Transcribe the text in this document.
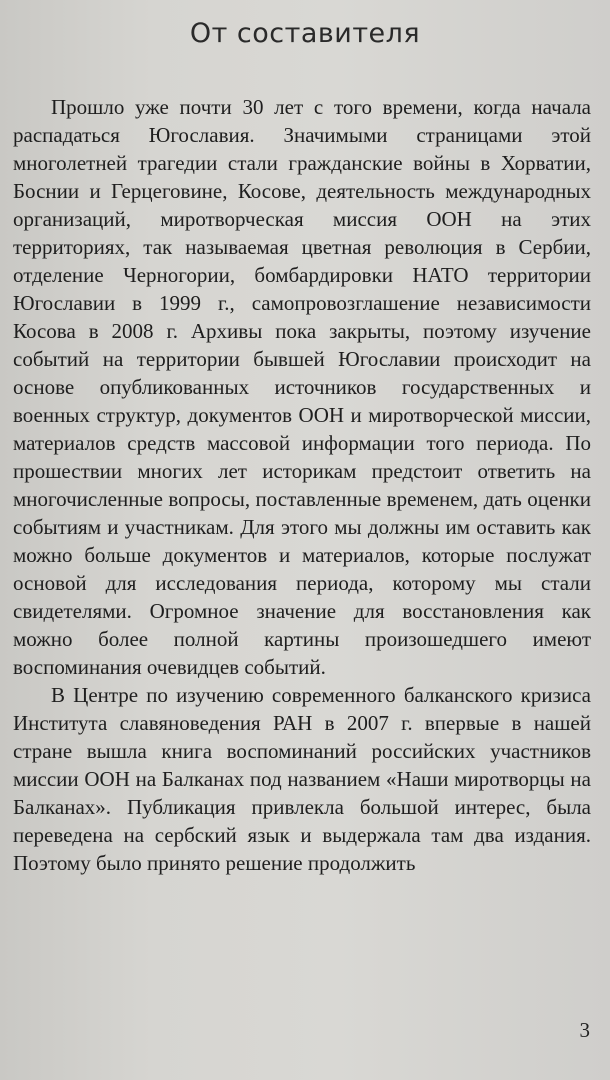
От составителя

Прошло уже почти 30 лет с того времени, когда начала распадаться Югославия. Значимыми страницами этой многолетней трагедии стали гражданские войны в Хорватии, Боснии и Герцеговине, Косове, деятельность международных организаций, миротворческая миссия ООН на этих территориях, так называемая цветная революция в Сербии, отделение Черногории, бомбардировки НАТО территории Югославии в 1999 г., самопровозглашение независимости Косова в 2008 г. Архивы пока закрыты, поэтому изучение событий на территории бывшей Югославии происходит на основе опубликованных источников государственных и военных структур, документов ООН и миротворческой миссии, материалов средств массовой информации того периода. По прошествии многих лет историкам предстоит ответить на многочисленные вопросы, поставленные временем, дать оценки событиям и участникам. Для этого мы должны им оставить как можно больше документов и материалов, которые послужат основой для исследования периода, которому мы стали свидетелями. Огромное значение для восстановления как можно более полной картины произошедшего имеют воспоминания очевидцев событий.

В Центре по изучению современного балканского кризиса Института славяноведения РАН в 2007 г. впервые в нашей стране вышла книга воспоминаний российских участников миссии ООН на Балканах под названием «Наши миротворцы на Балканах». Публикация привлекла большой интерес, была переведена на сербский язык и выдержала там два издания. Поэтому было принято решение продолжить

3
